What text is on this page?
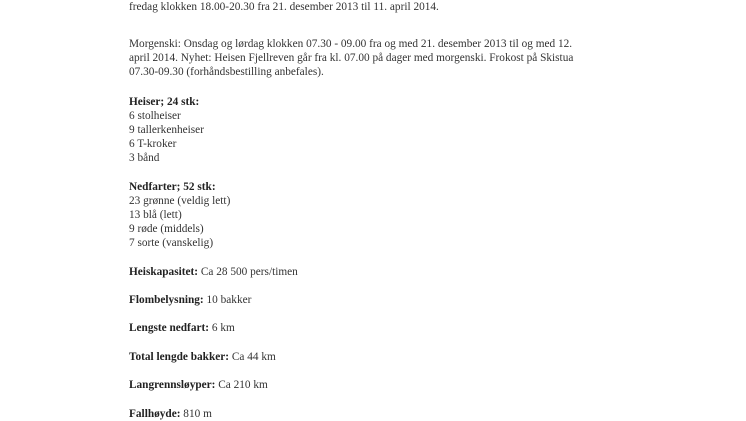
fredag klokken 18.00-20.30 fra 21. desember 2013 til 11. april 2014.
Morgenski: Onsdag og lørdag klokken 07.30 - 09.00 fra og med 21. desember 2013 til og med 12.
april 2014. Nyhet: Heisen Fjellreven går fra kl. 07.00 på dager med morgenski. Frokost på Skistua
07.30-09.30 (forhåndsbestilling anbefales).
Heiser; 24 stk:
6 stolheiser
9 tallerkenheiser
6 T-kroker
3 bånd
Nedfarter; 52 stk:
23 grønne (veldig lett)
13 blå (lett)
9 røde (middels)
7 sorte (vanskelig)
Heiskapasitet: Ca 28 500 pers/timen
Flombelysning: 10 bakker
Lengste nedfart: 6 km
Total lengde bakker: Ca 44 km
Langrennsløyper: Ca 210 km
Fallhøyde: 810 m
